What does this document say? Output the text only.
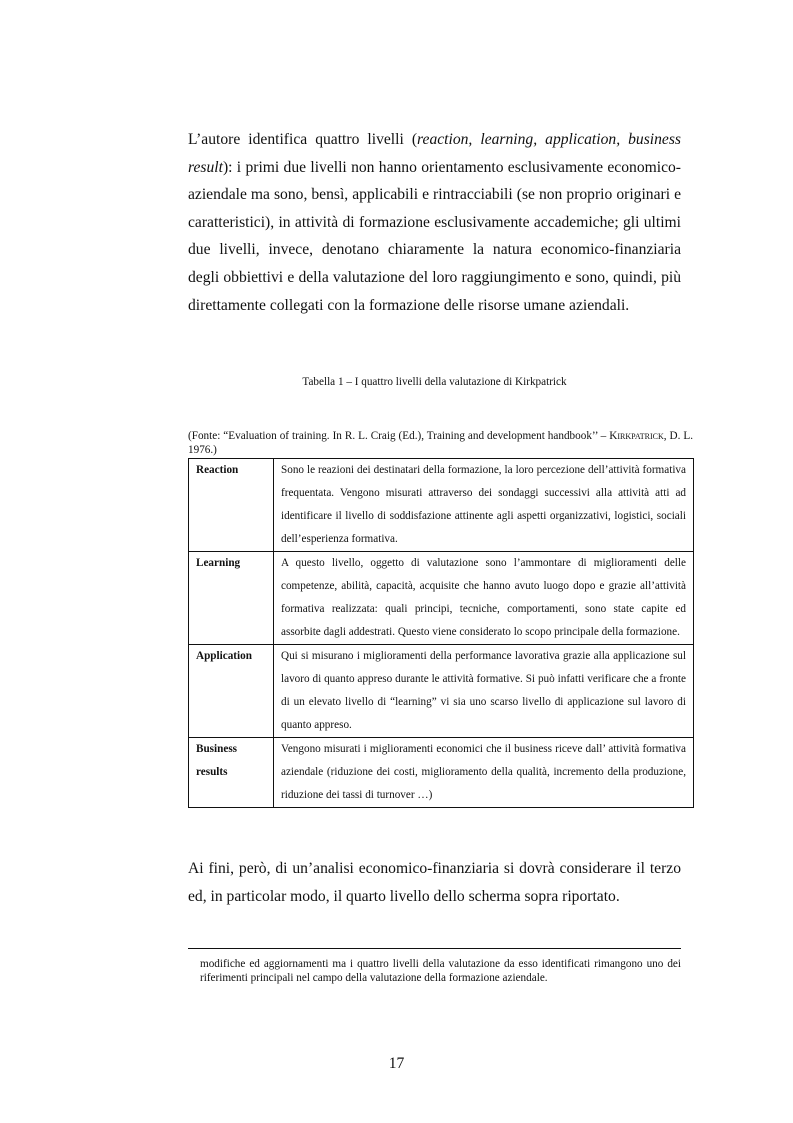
L’autore identifica quattro livelli (reaction, learning, application, business result): i primi due livelli non hanno orientamento esclusivamente economico-aziendale ma sono, bensì, applicabili e rintracciabili (se non proprio originari e caratteristici), in attività di formazione esclusivamente accademiche; gli ultimi due livelli, invece, denotano chiaramente la natura economico-finanziaria degli obbiettivi e della valutazione del loro raggiungimento e sono, quindi, più direttamente collegati con la formazione delle risorse umane aziendali.

Tabella 1 – I quattro livelli della valutazione di Kirkpatrick

(Fonte: “Evaluation of training. In R. L. Craig (Ed.), Training and development handbook’’ – Kirkpatrick, D. L. 1976.)

Reaction	Sono le reazioni dei destinatari della formazione, la loro percezione dell’attività formativa frequentata. Vengono misurati attraverso dei sondaggi successivi alla attività atti ad identificare il livello di soddisfazione attinente agli aspetti organizzativi, logistici, sociali dell’esperienza formativa.
Learning	A questo livello, oggetto di valutazione sono l’ammontare di miglioramenti delle competenze, abilità, capacità, acquisite che hanno avuto luogo dopo e grazie all’attività formativa realizzata: quali principi, tecniche, comportamenti, sono state capite ed assorbite dagli addestrati. Questo viene considerato lo scopo principale della formazione.
Application	Qui si misurano i miglioramenti della performance lavorativa grazie alla applicazione sul lavoro di quanto appreso durante le attività formative. Si può infatti verificare che a fronte di un elevato livello di “learning” vi sia uno scarso livello di applicazione sul lavoro di quanto appreso.
Business results	Vengono misurati i miglioramenti economici che il business riceve dall’ attività formativa aziendale (riduzione dei costi, miglioramento della qualità, incremento della produzione, riduzione dei tassi di turnover …)

Ai fini, però, di un’analisi economico-finanziaria si dovrà considerare il terzo ed, in particolar modo, il quarto livello dello scherma sopra riportato.

modifiche ed aggiornamenti ma i quattro livelli della valutazione da esso identificati rimangono uno dei riferimenti principali nel campo della valutazione della formazione aziendale.

17
